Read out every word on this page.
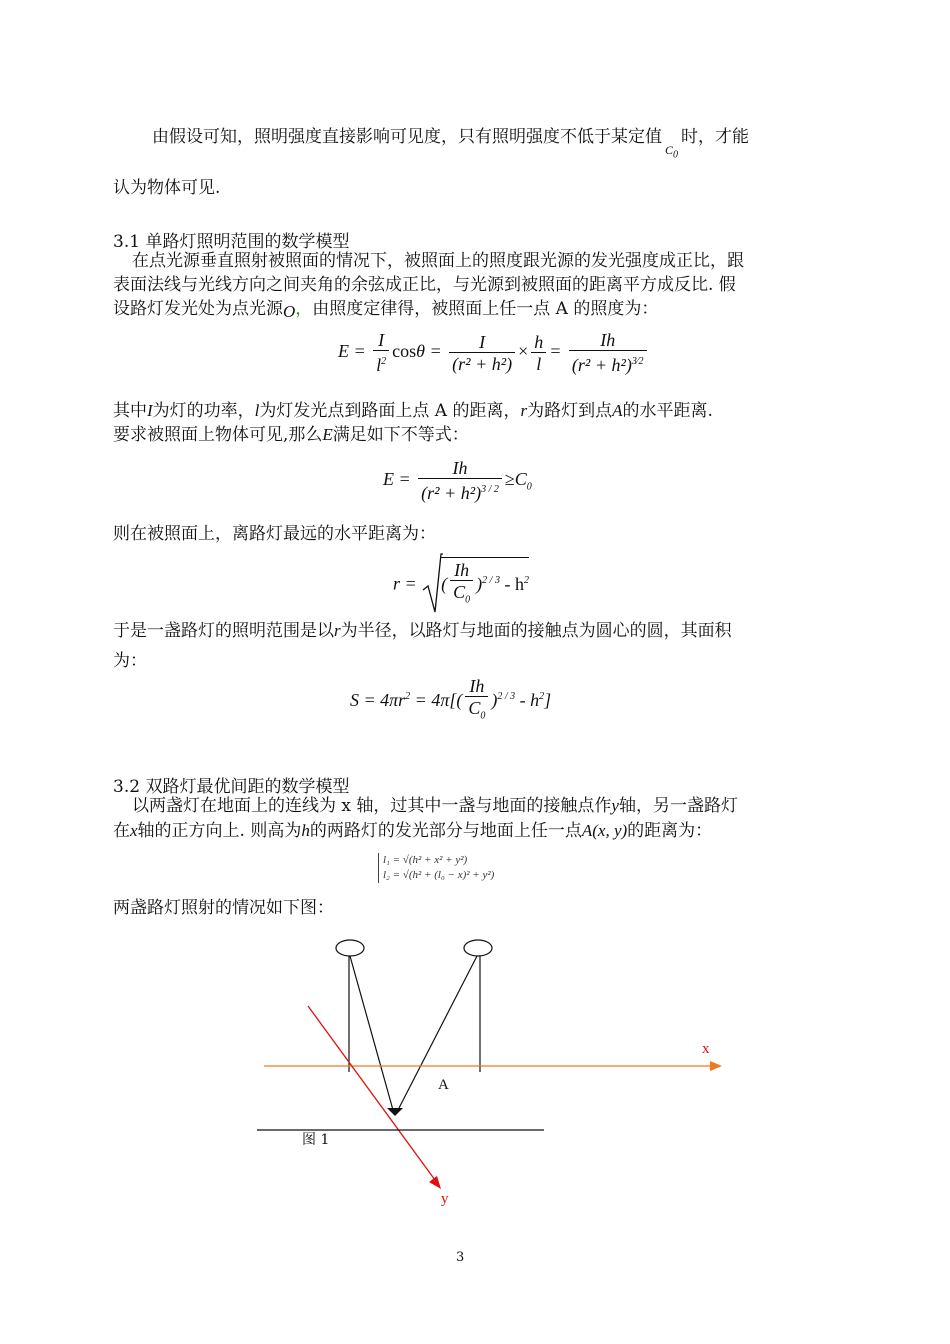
由假设可知，照明强度直接影响可见度，只有照明强度不低于某定值$_{C_0}$时，才能
认为物体可见.
3.1 单路灯照明范围的数学模型
在点光源垂直照射被照面的情况下，被照面上的照度跟光源的发光强度成正比，跟
表面法线与光线方向之间夹角的余弦成正比，与光源到被照面的距离平方成反比. 假
设路灯发光处为点光源O，由照度定律得，被照面上任一点 A 的照度为：
$E = \frac{I}{l^2}$ $\cos\theta = \frac{I}{\text{(r² + h²)}} \times \frac{h}{l} = \frac{Ih}{(r^2 + h^2)^{3⁄2}}$
其中I为灯的功率，l为灯发光点到路面上点 A 的距离，r为路灯到点A的水平距离.
要求被照面上物体可见,那么E满足如下不等式：
$E = \frac{Ih}{(r^2 + h^2)^{3 / 2}} \ge C_0$
则在被照面上，离路灯最远的水平距离为：
r = ( $\frac{Ih}{C_0} )^{2 / 3} - h^2$
于是一盏路灯的照明范围是以r为半径，以路灯与地面的接触点为圆心的圆，其面积
为：
$S = 4\pi r^2 = 4\pi[( \frac{Ih}{C_0} )^{2 / 3} - h^2]$
3.2 双路灯最优间距的数学模型
以两盏灯在地面上的连线为 x 轴，过其中一盏与地面的接触点作y轴，另一盏路灯
在x轴的正方向上. 则高为h的两路灯的发光部分与地面上任一点A(x, y)的距离为：
l₁ = √(h² + x² + y²)
l₂ = √(h² + (l₀ − x)² + y²)
两盏路灯照射的情况如下图：
x
y
A
图 1
3
